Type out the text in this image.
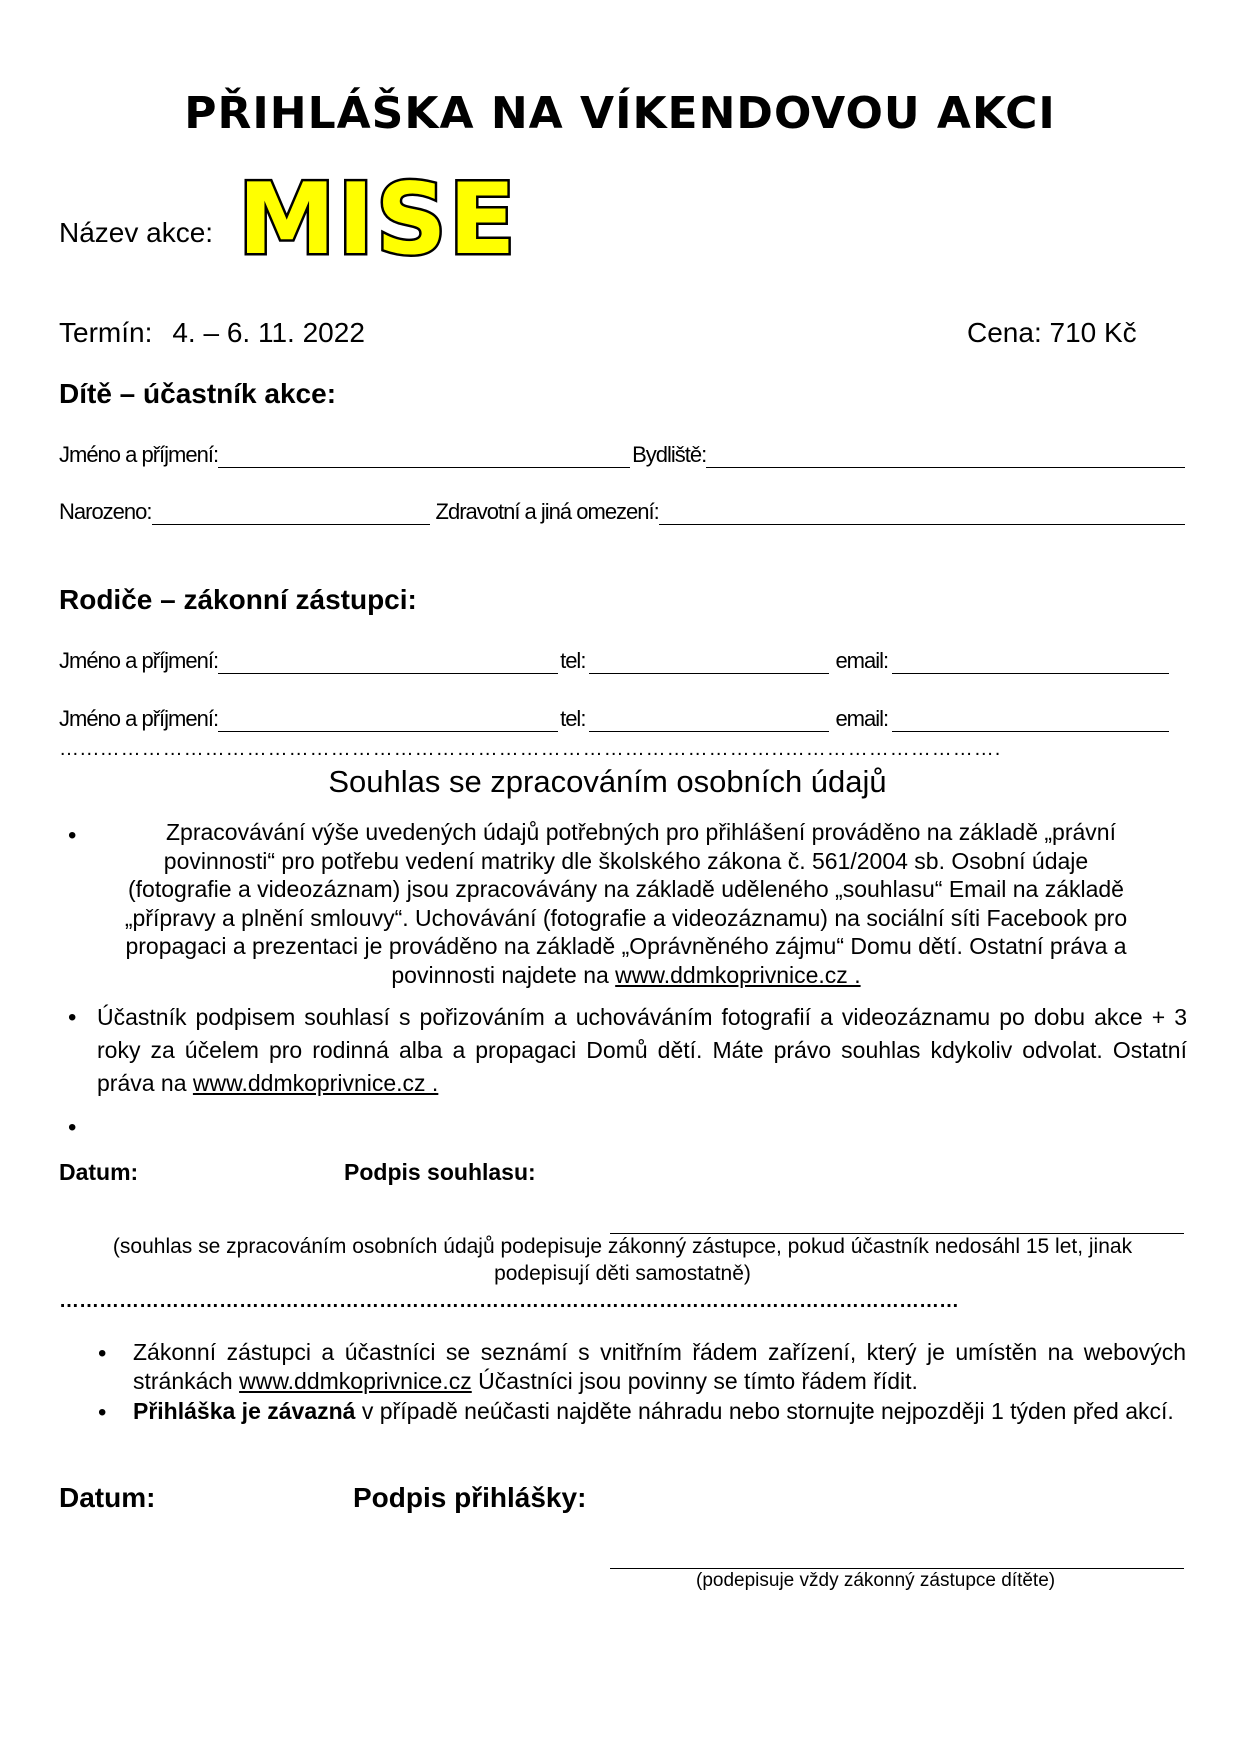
PŘIHLÁŠKA NA VÍKENDOVOU AKCI
Název akce: MISE
Termín: 4. – 6. 11. 2022	Cena: 710 Kč
Dítě – účastník akce:
Jméno a příjmení:	Bydliště:
Narozeno:	Zdravotní a jiná omezení:
Rodiče – zákonní zástupci:
Jméno a příjmení:	tel:	email:
Jméno a příjmení:	tel:	email:
…...……………………………………………………………………………………..………………………….
Souhlas se zpracováním osobních údajů
•	Zpracovávání výše uvedených údajů potřebných pro přihlášení prováděno na základě „právní
povinnosti“ pro potřebu vedení matriky dle školského zákona č. 561/2004 sb. Osobní údaje
(fotografie a videozáznam) jsou zpracovávány na základě uděleného „souhlasu“ Email na základě
„přípravy a plnění smlouvy“. Uchovávání (fotografie a videozáznamu) na sociální síti Facebook pro
propagaci a prezentaci je prováděno na základě „Oprávněného zájmu“ Domu dětí. Ostatní práva a
povinnosti najdete na www.ddmkoprivnice.cz .
• Účastník podpisem souhlasí s pořizováním a uchováváním fotografií a videozáznamu po dobu akce + 3 roky za účelem pro rodinná alba a propagaci Domů dětí. Máte právo souhlas kdykoliv odvolat. Ostatní práva na www.ddmkoprivnice.cz .
•
Datum:	Podpis souhlasu:
(souhlas se zpracováním osobních údajů podepisuje zákonný zástupce, pokud účastník nedosáhl 15 let, jinak
podepisují děti samostatně)
………………………………………………………………………………………………………………………
• Zákonní zástupci a účastníci se seznámí s vnitřním řádem zařízení, který je umístěn na webových stránkách www.ddmkoprivnice.cz Účastníci jsou povinny se tímto řádem řídit.
• Přihláška je závazná v případě neúčasti najděte náhradu nebo stornujte nejpozději 1 týden před akcí.
Datum:	Podpis přihlášky:
(podepisuje vždy zákonný zástupce dítěte)
